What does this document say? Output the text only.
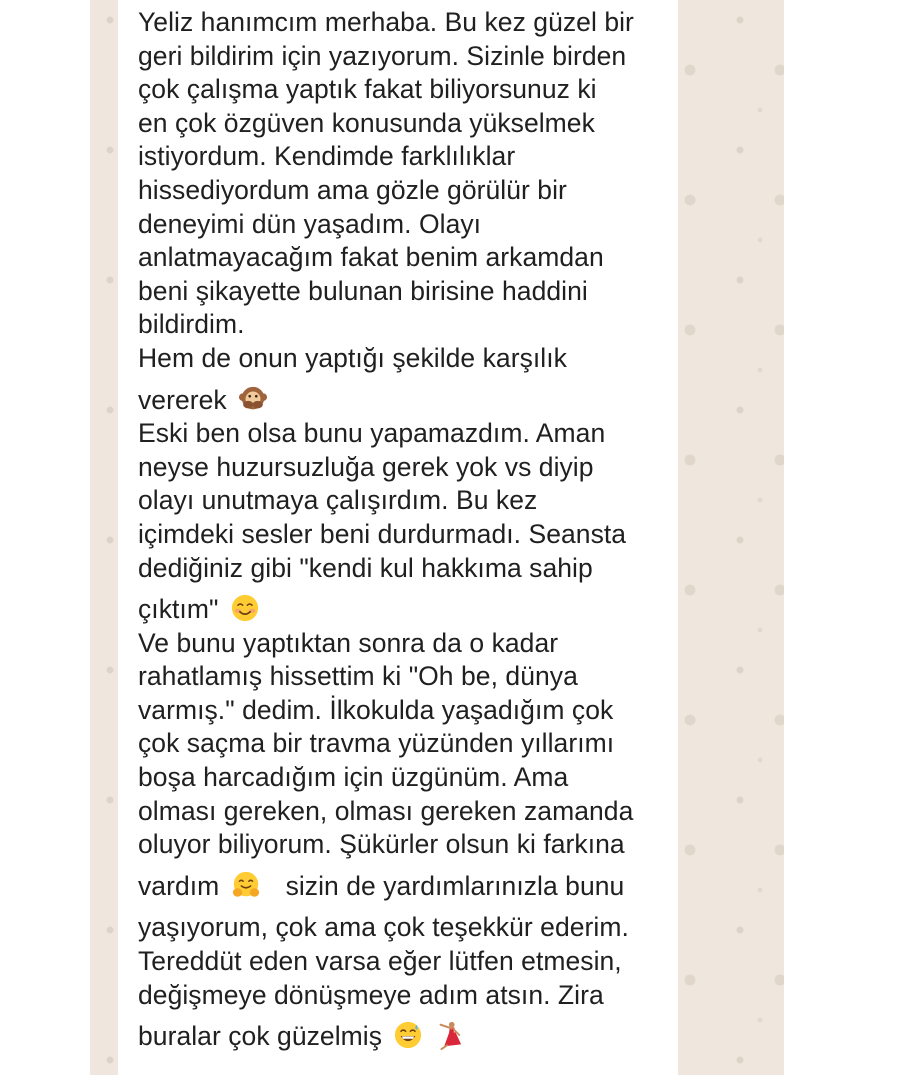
Yeliz hanımcım merhaba. Bu kez güzel bir
geri bildirim için yazıyorum. Sizinle birden
çok çalışma yaptık fakat biliyorsunuz ki
en çok özgüven konusunda yükselmek
istiyordum. Kendimde farklılıklar
hissediyordum ama gözle görülür bir
deneyimi dün yaşadım. Olayı
anlatmayacağım fakat benim arkamdan
beni şikayette bulunan birisine haddini
bildirdim.
Hem de onun yaptığı şekilde karşılık
vererek
Eski ben olsa bunu yapamazdım. Aman
neyse huzursuzluğa gerek yok vs diyip
olayı unutmaya çalışırdım. Bu kez
içimdeki sesler beni durdurmadı. Seansta
dediğiniz gibi "kendi kul hakkıma sahip
çıktım"
Ve bunu yaptıktan sonra da o kadar
rahatlamış hissettim ki "Oh be, dünya
varmış." dedim. İlkokulda yaşadığım çok
çok saçma bir travma yüzünden yıllarımı
boşa harcadığım için üzgünüm. Ama
olması gereken, olması gereken zamanda
oluyor biliyorum. Şükürler olsun ki farkına
vardım	sizin de yardımlarınızla bunu
yaşıyorum, çok ama çok teşekkür ederim.
Tereddüt eden varsa eğer lütfen etmesin,
değişmeye dönüşmeye adım atsın. Zira
buralar çok güzelmiş
